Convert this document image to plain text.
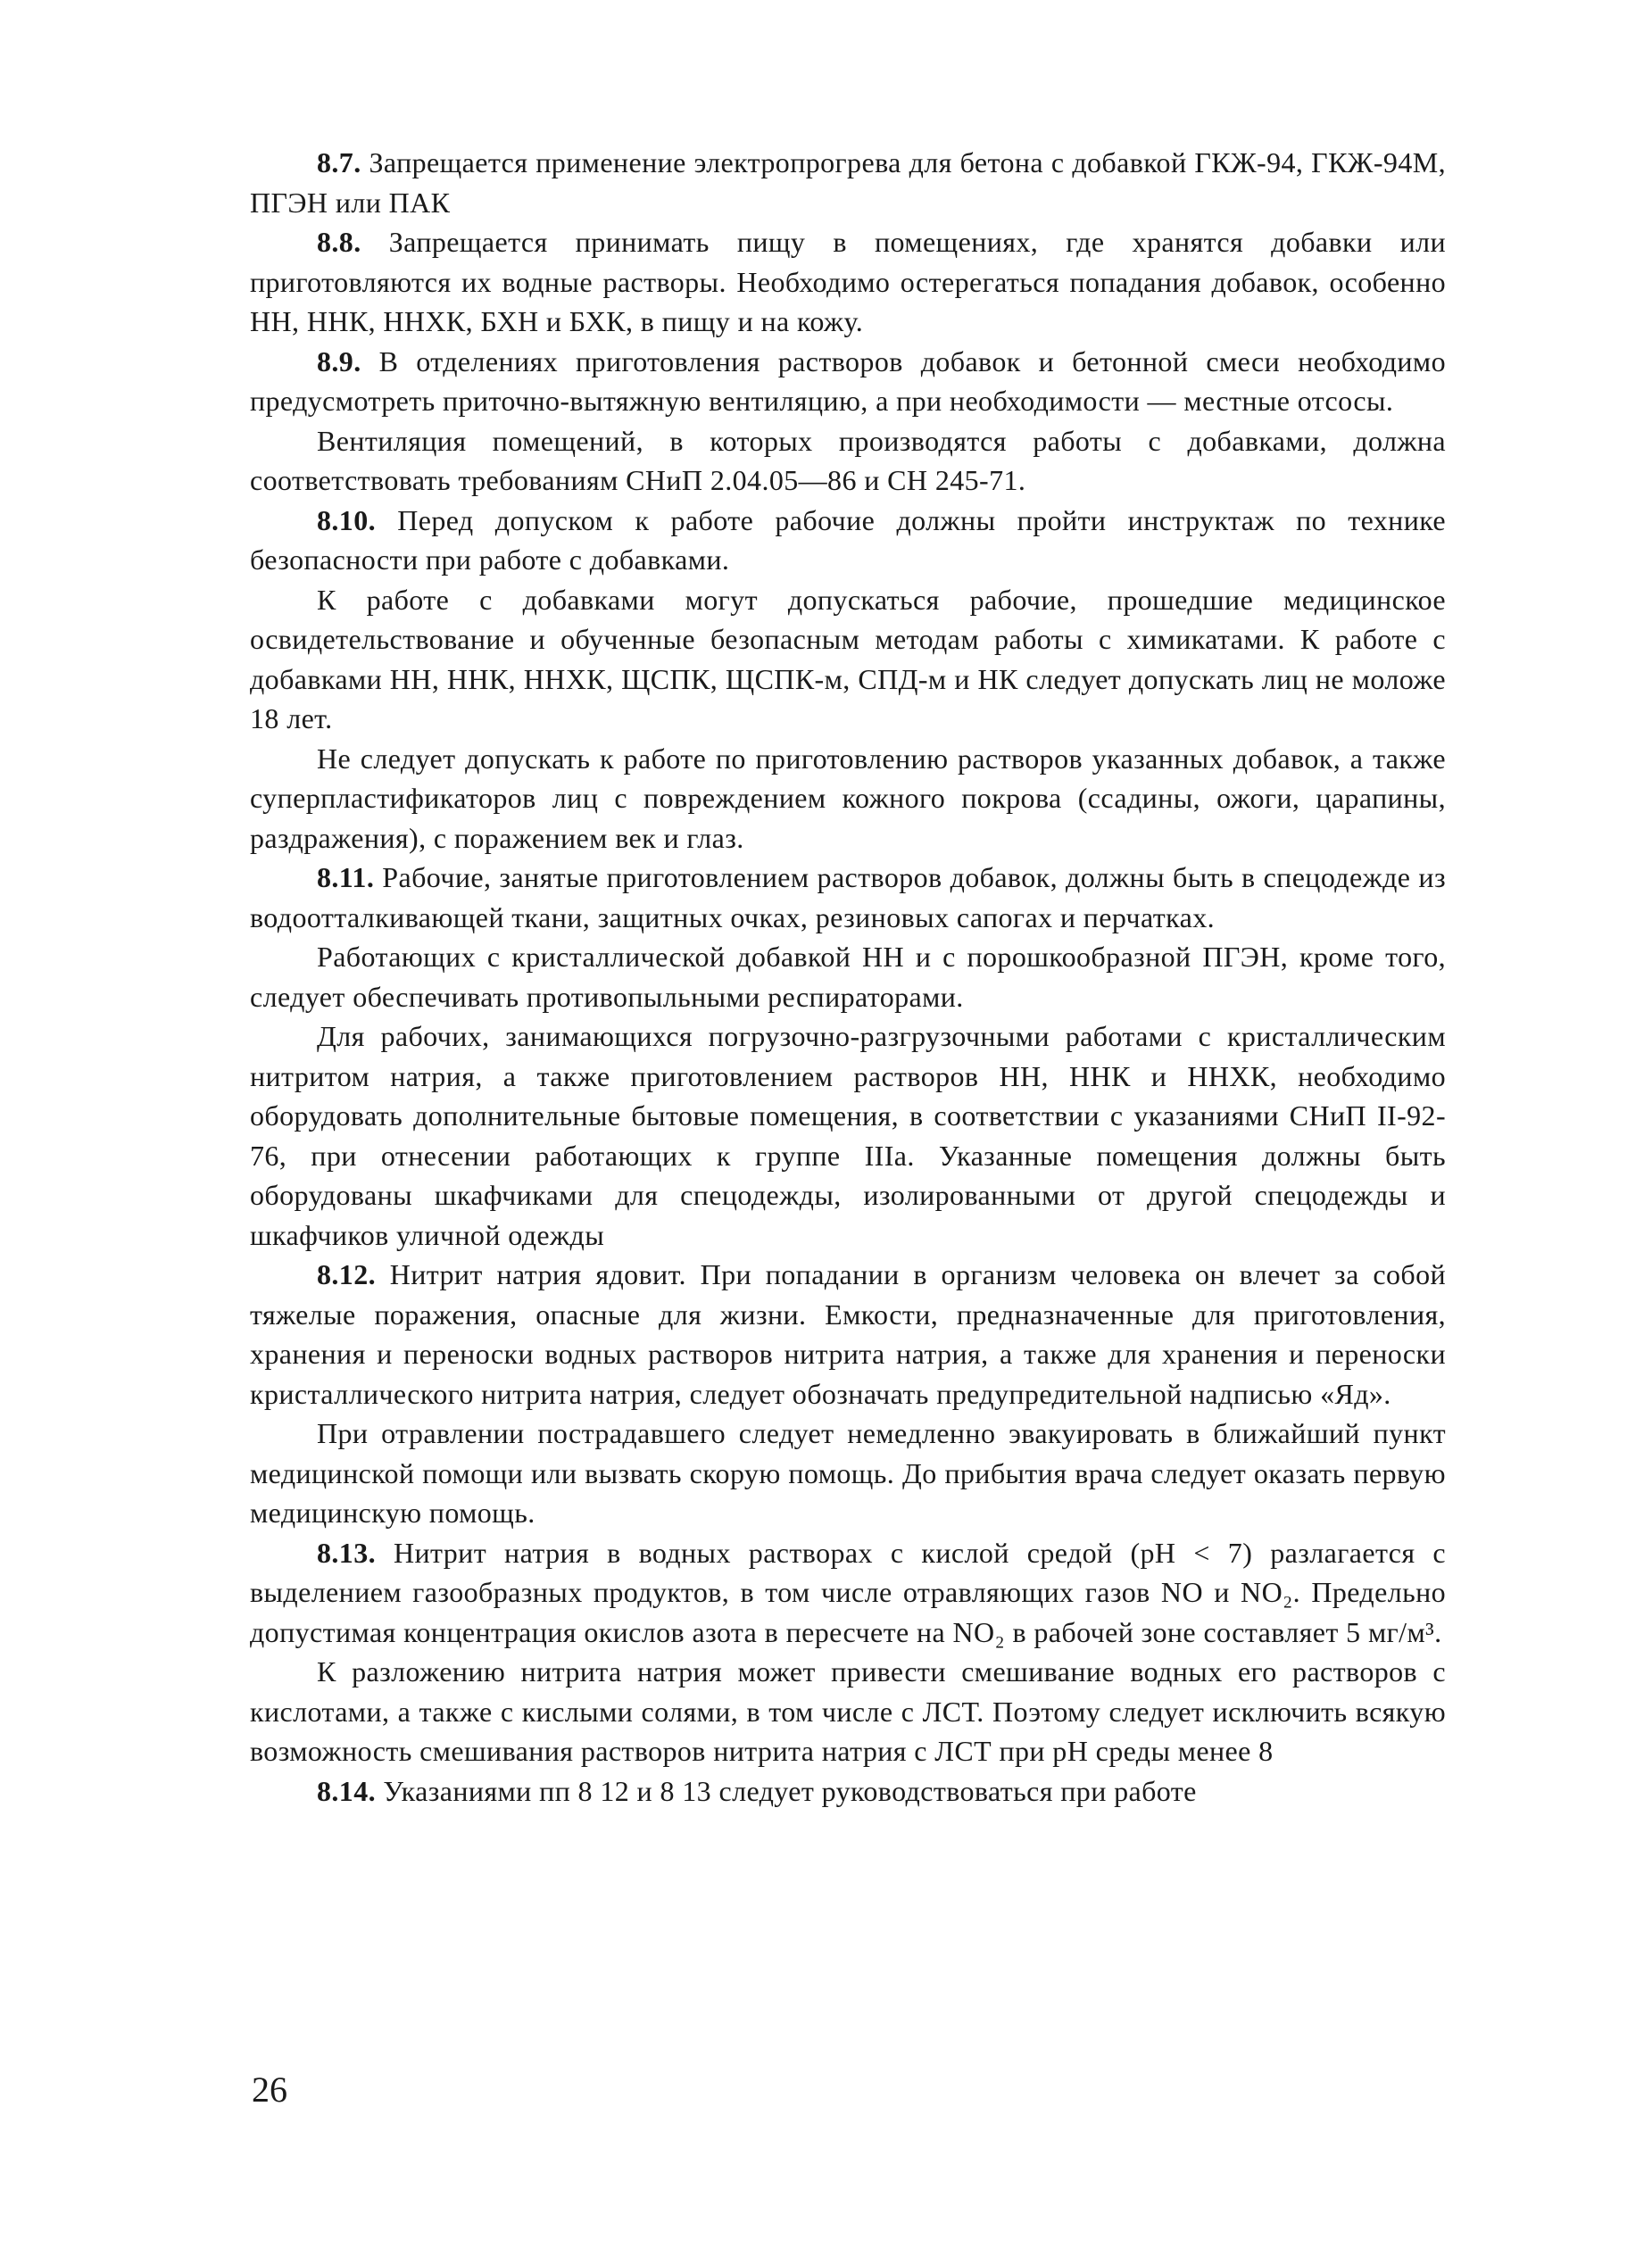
8.7. Запрещается применение электропрогрева для бетона с добавкой ГКЖ-94, ГКЖ-94М, ПГЭН или ПАК

8.8. Запрещается принимать пищу в помещениях, где хранятся добавки или приготовляются их водные растворы. Необходимо остерегаться попадания добавок, особенно НН, ННК, ННХК, БХН и БХК, в пищу и на кожу.

8.9. В отделениях приготовления растворов добавок и бетонной смеси необходимо предусмотреть приточно-вытяжную вентиляцию, а при необходимости — местные отсосы.

Вентиляция помещений, в которых производятся работы с добавками, должна соответствовать требованиям СНиП 2.04.05—86 и СН 245-71.

8.10. Перед допуском к работе рабочие должны пройти инструктаж по технике безопасности при работе с добавками.

К работе с добавками могут допускаться рабочие, прошедшие медицинское освидетельствование и обученные безопасным методам работы с химикатами. К работе с добавками НН, ННК, ННХК, ЩСПК, ЩСПК-м, СПД-м и НК следует допускать лиц не моложе 18 лет.

Не следует допускать к работе по приготовлению растворов указанных добавок, а также суперпластификаторов лиц с повреждением кожного покрова (ссадины, ожоги, царапины, раздражения), с поражением век и глаз.

8.11. Рабочие, занятые приготовлением растворов добавок, должны быть в спецодежде из водоотталкивающей ткани, защитных очках, резиновых сапогах и перчатках.

Работающих с кристаллической добавкой НН и с порошкообразной ПГЭН, кроме того, следует обеспечивать противопыльными респираторами.

Для рабочих, занимающихся погрузочно-разгрузочными работами с кристаллическим нитритом натрия, а также приготовлением растворов НН, ННК и ННХК, необходимо оборудовать дополнительные бытовые помещения, в соответствии с указаниями СНиП II-92-76, при отнесении работающих к группе IIIа. Указанные помещения должны быть оборудованы шкафчиками для спецодежды, изолированными от другой спецодежды и шкафчиков уличной одежды

8.12. Нитрит натрия ядовит. При попадании в организм человека он влечет за собой тяжелые поражения, опасные для жизни. Емкости, предназначенные для приготовления, хранения и переноски водных растворов нитрита натрия, а также для хранения и переноски кристаллического нитрита натрия, следует обозначать предупредительной надписью «Яд».

При отравлении пострадавшего следует немедленно эвакуировать в ближайший пункт медицинской помощи или вызвать скорую помощь. До прибытия врача следует оказать первую медицинскую помощь.

8.13. Нитрит натрия в водных растворах с кислой средой (pH < 7) разлагается с выделением газообразных продуктов, в том числе отравляющих газов NO и NO₂. Предельно допустимая концентрация окислов азота в пересчете на NO₂ в рабочей зоне составляет 5 мг/м³.

К разложению нитрита натрия может привести смешивание водных его растворов с кислотами, а также с кислыми солями, в том числе с ЛСТ. Поэтому следует исключить всякую возможность смешивания растворов нитрита натрия с ЛСТ при pH среды менее 8

8.14. Указаниями пп 8 12 и 8 13 следует руководствоваться при работе

26
